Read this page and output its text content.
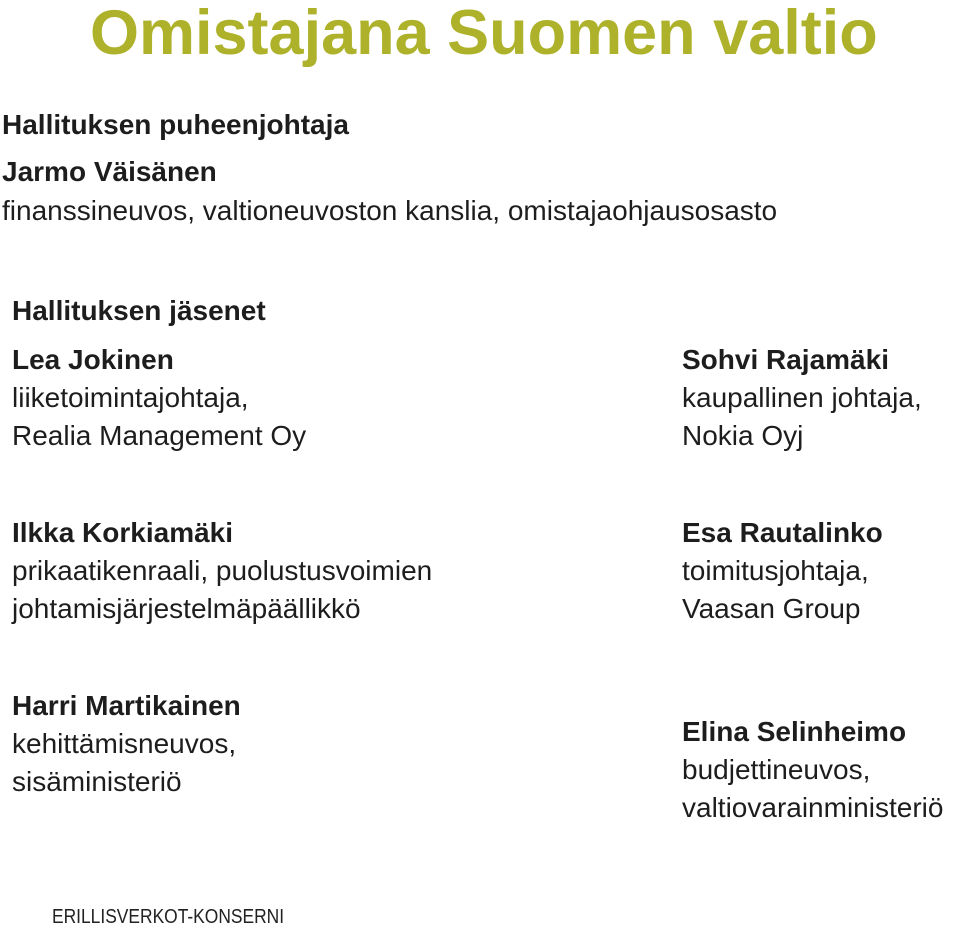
Omistajana Suomen valtio
Hallituksen puheenjohtaja
Jarmo Väisänen
finanssineuvos, valtioneuvoston kanslia, omistajaohjausosasto
Hallituksen jäsenet
Lea Jokinen
liiketoimintajohtaja,
Realia Management Oy
Sohvi Rajamäki
kaupallinen johtaja,
Nokia Oyj
Ilkka Korkiamäki
prikaatikenraali, puolustusvoimien
johtamisjärjestelmäpäällikkö
Esa Rautalinko
toimitusjohtaja,
Vaasan Group
Harri Martikainen
kehittämisneuvos,
sisäministeriö
Elina Selinheimo
budjettineuvos,
valtiovarainministeriö
ERILLISVERKOT-KONSERNI
